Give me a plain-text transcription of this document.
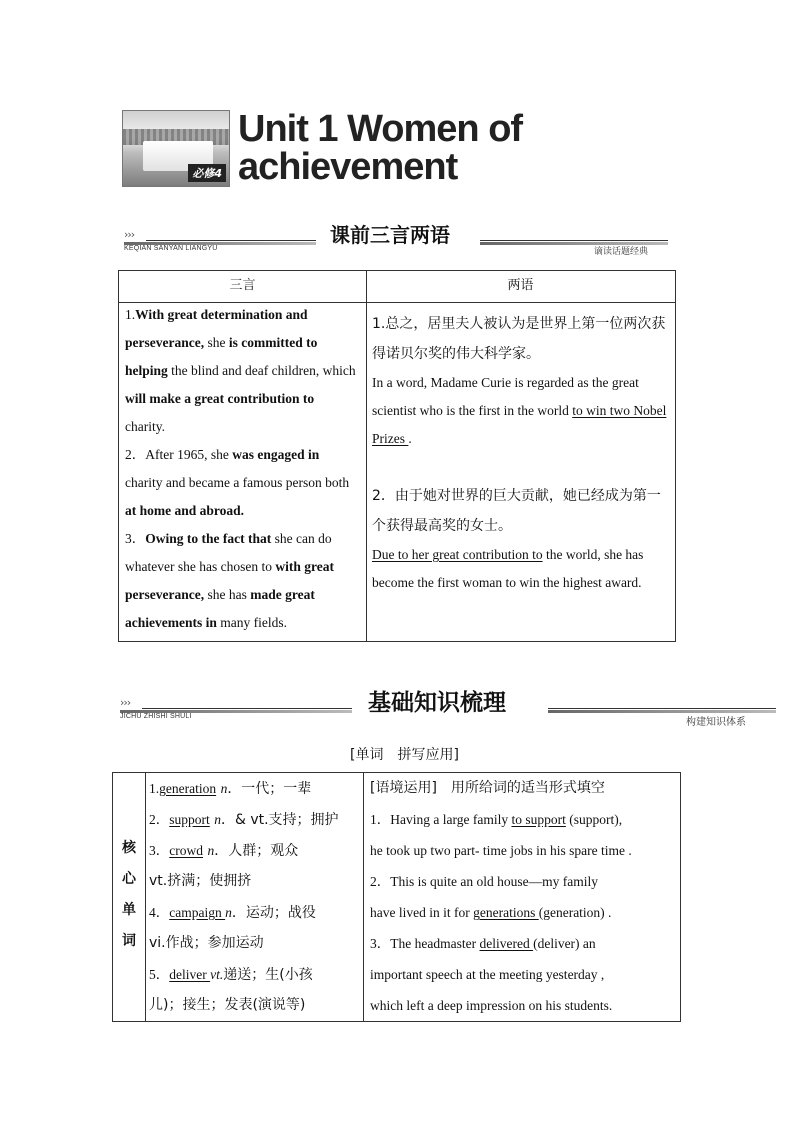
必修4
Unit 1 Women of
achievement
›››
KEQIAN SANYAN LIANGYU
课前三言两语
谪读话题经典
三言	两语
1.With great determination and perseverance, she is committed to helping the blind and deaf children, which will make a great contribution to charity.
2．After 1965, she was engaged in charity and became a famous person both at home and abroad.
3．Owing to the fact that she can do whatever she has chosen to with great perseverance, she has made great achievements in many fields.
1.总之，居里夫人被认为是世界上第一位两次获得诺贝尔奖的伟大科学家。
In a word, Madame Curie is regarded as the great scientist who is the first in the world to win two Nobel Prizes .
2．由于她对世界的巨大贡献，她已经成为第一个获得最高奖的女士。
Due to her great contribution to the world, she has become the first woman to win the highest award.
›››
JICHU ZHISHI SHULI
基础知识梳理
构建知识体系
[单词　拼写应用]
核
心
单
词
1.generation n．一代；一辈
2．support n．& vt.支持；拥护
3．crowd n．人群；观众
vt.挤满；使拥挤
4．campaign n．运动；战役
vi.作战；参加运动
5．deliver vt.递送；生(小孩
儿)；接生；发表(演说等)
[语境运用]　用所给词的适当形式填空
1．Having a large family to support (support),
he took up two part- time jobs in his spare time .
2．This is quite an old house—my family
have lived in it for generations (generation) .
3．The headmaster delivered (deliver) an
important speech at the meeting yesterday ,
which left a deep impression on his students.
